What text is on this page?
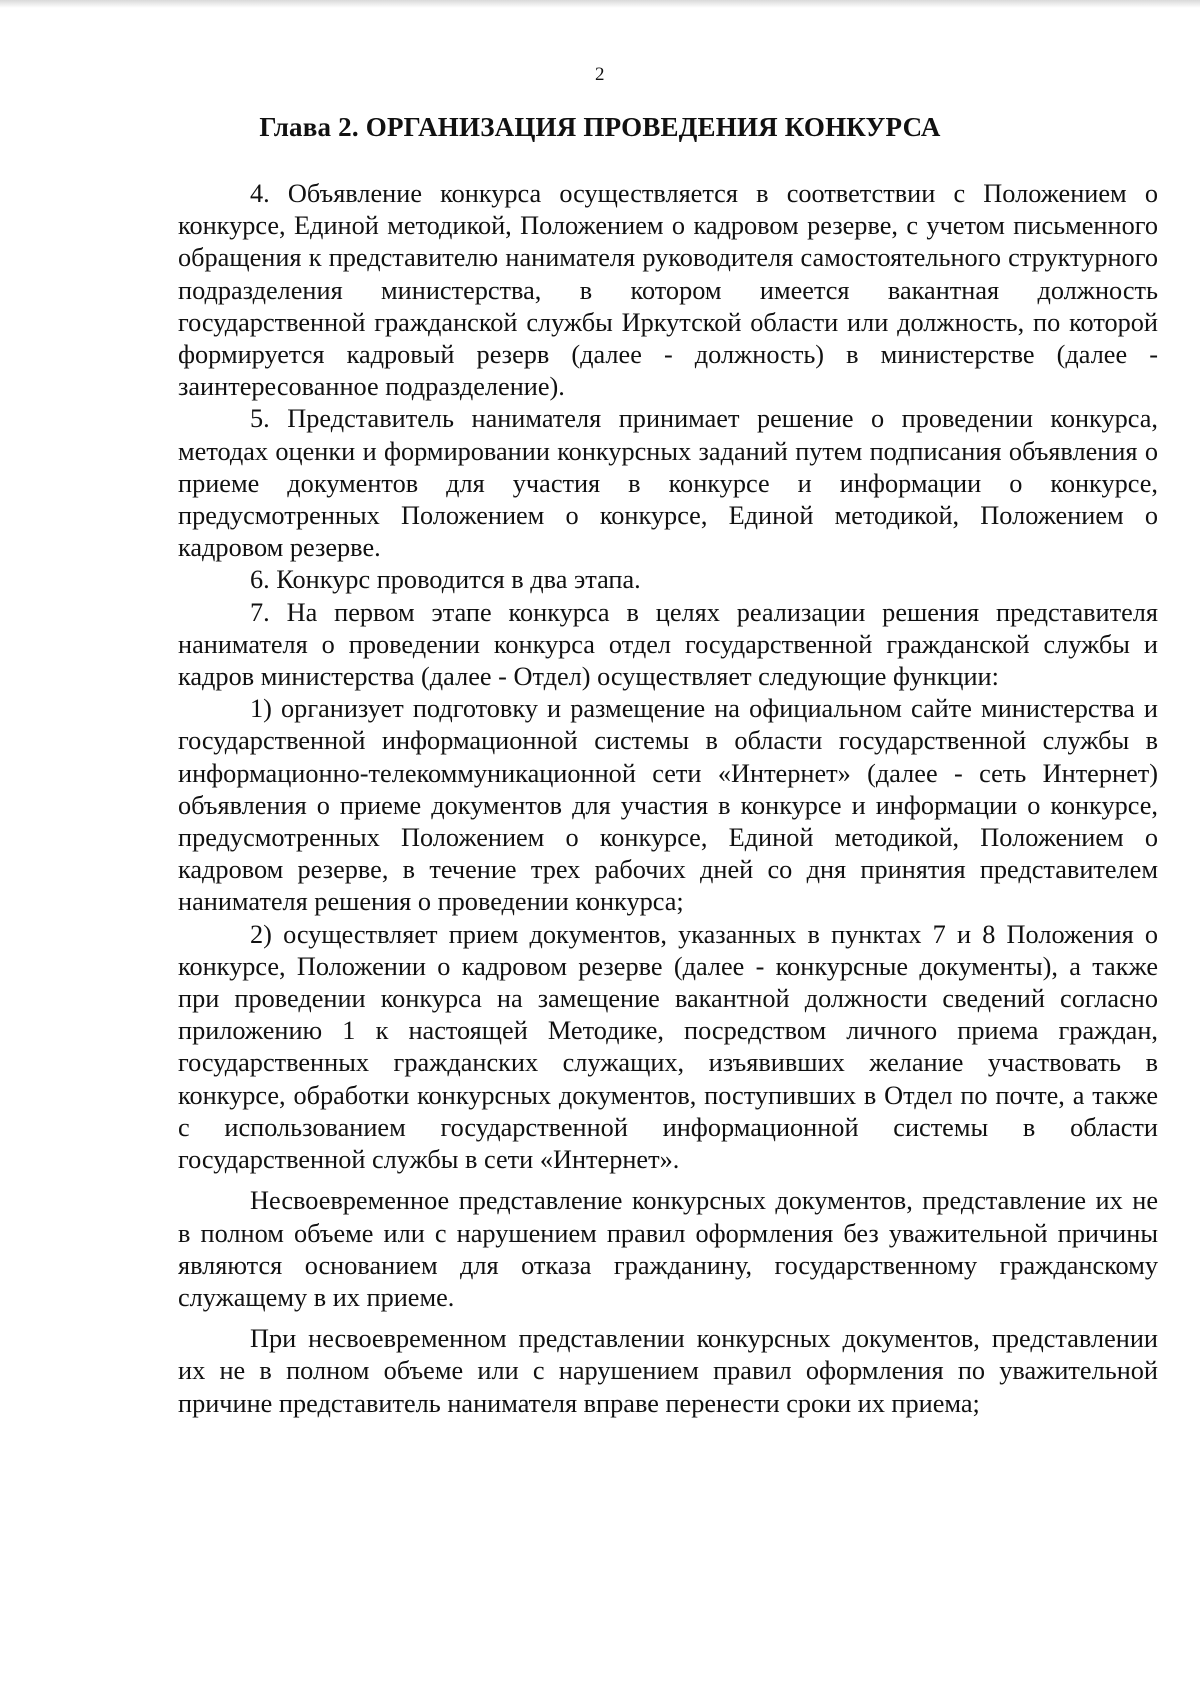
2
Глава 2. ОРГАНИЗАЦИЯ ПРОВЕДЕНИЯ КОНКУРСА

4. Объявление конкурса осуществляется в соответствии с Положением о конкурсе, Единой методикой, Положением о кадровом резерве, с учетом письменного обращения к представителю нанимателя руководителя самостоятельного структурного подразделения министерства, в котором имеется вакантная должность государственной гражданской службы Иркутской области или должность, по которой формируется кадровый резерв (далее - должность) в министерстве (далее - заинтересованное подразделение).

5. Представитель нанимателя принимает решение о проведении конкурса, методах оценки и формировании конкурсных заданий путем подписания объявления о приеме документов для участия в конкурсе и информации о конкурсе, предусмотренных Положением о конкурсе, Единой методикой, Положением о кадровом резерве.

6. Конкурс проводится в два этапа.

7. На первом этапе конкурса в целях реализации решения представителя нанимателя о проведении конкурса отдел государственной гражданской службы и кадров министерства (далее - Отдел) осуществляет следующие функции:

1) организует подготовку и размещение на официальном сайте министерства и государственной информационной системы в области государственной службы в информационно-телекоммуникационной сети «Интернет» (далее - сеть Интернет) объявления о приеме документов для участия в конкурсе и информации о конкурсе, предусмотренных Положением о конкурсе, Единой методикой, Положением о кадровом резерве, в течение трех рабочих дней со дня принятия представителем нанимателя решения о проведении конкурса;

2) осуществляет прием документов, указанных в пунктах 7 и 8 Положения о конкурсе, Положении о кадровом резерве (далее - конкурсные документы), а также при проведении конкурса на замещение вакантной должности сведений согласно приложению 1 к настоящей Методике, посредством личного приема граждан, государственных гражданских служащих, изъявивших желание участвовать в конкурсе, обработки конкурсных документов, поступивших в Отдел по почте, а также с использованием государственной информационной системы в области государственной службы в сети «Интернет».

Несвоевременное представление конкурсных документов, представление их не в полном объеме или с нарушением правил оформления без уважительной причины являются основанием для отказа гражданину, государственному гражданскому служащему в их приеме.

При несвоевременном представлении конкурсных документов, представлении их не в полном объеме или с нарушением правил оформления по уважительной причине представитель нанимателя вправе перенести сроки их приема;
